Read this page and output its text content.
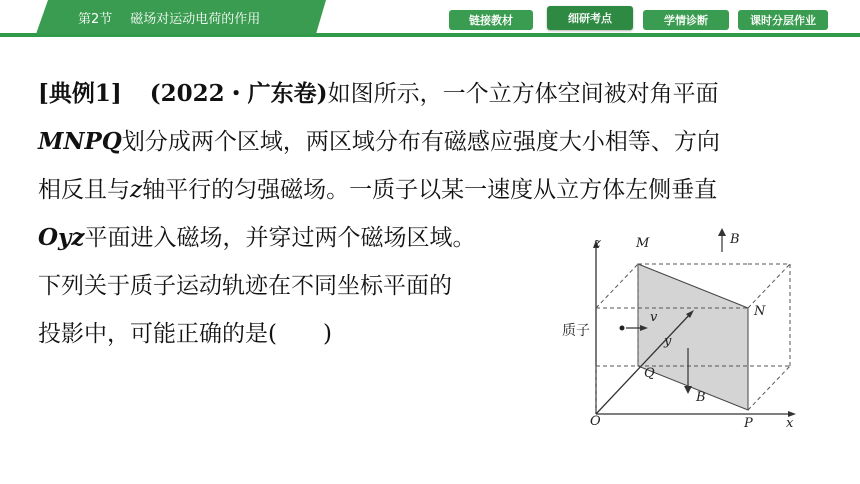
第2节 磁场对运动电荷的作用	链接教材	细研考点	学情诊断	课时分层作业
[典例1] (2022・广东卷)如图所示，一个立方体空间被对角平面
MNPQ划分成两个区域，两区域分布有磁感应强度大小相等、方向
相反且与z轴平行的匀强磁场。一质子以某一速度从立方体左侧垂直
Oyz平面进入磁场，并穿过两个磁场区域。
下列关于质子运动轨迹在不同坐标平面的
投影中，可能正确的是(　　)
z	M	B
N
质子
v
y
Q
B
O	P	x
